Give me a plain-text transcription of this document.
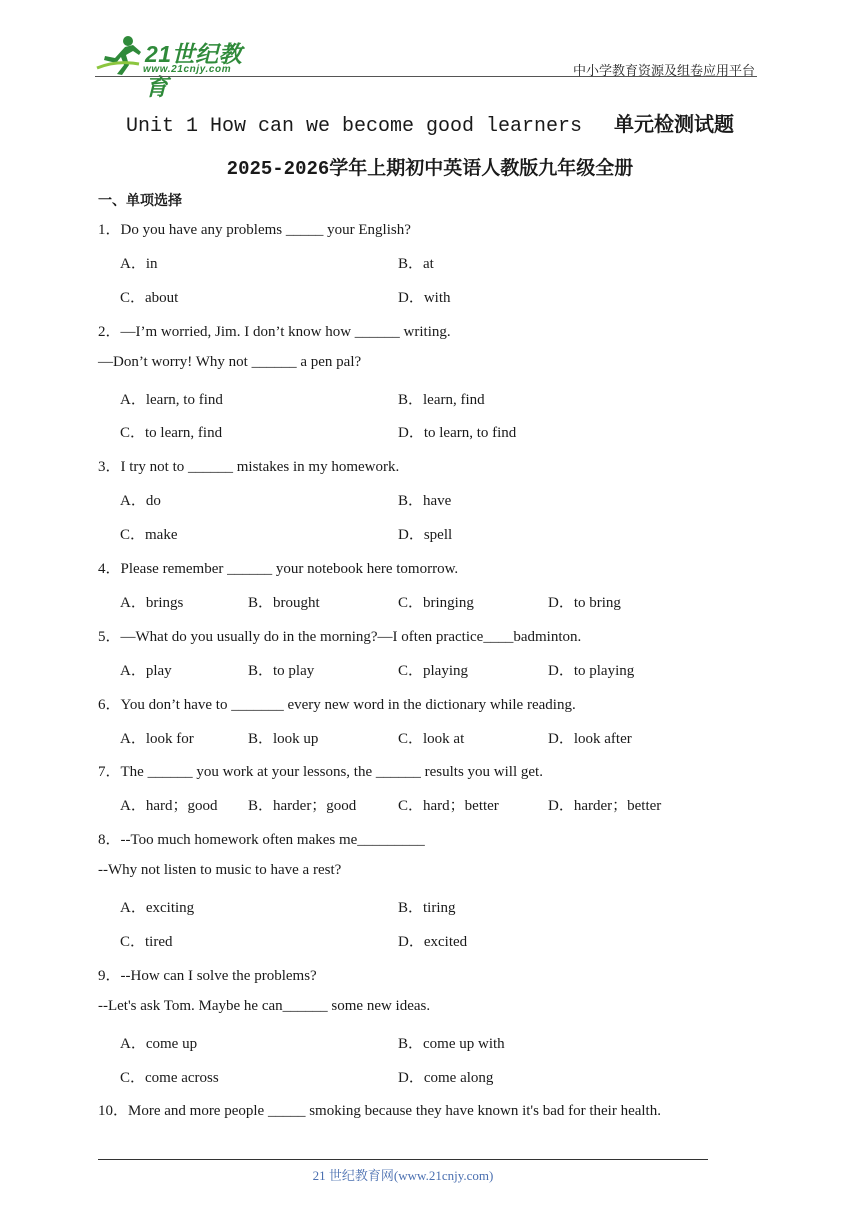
21世纪教育
www.21cnjy.com	中小学教育资源及组卷应用平台
Unit 1 How can we become good learners 单元检测试题
2025-2026学年上期初中英语人教版九年级全册
一、单项选择
1．Do you have any problems _____ your English?
A．in	B．at
C．about	D．with
2．—I’m worried, Jim. I don’t know how ______ writing.
—Don’t worry! Why not ______ a pen pal?
A．learn, to find	B．learn, find
C．to learn, find	D．to learn, to find
3．I try not to ______ mistakes in my homework.
A．do	B．have
C．make	D．spell
4．Please remember ______ your notebook here tomorrow.
A．brings	B．brought	C．bringing	D．to bring
5．—What do you usually do in the morning?—I often practice____badminton.
A．play	B．to play	C．playing	D．to playing
6．You don’t have to _______ every new word in the dictionary while reading.
A．look for	B．look up	C．look at	D．look after
7．The ______ you work at your lessons, the ______ results you will get.
A．hard；good B．harder；good	C．hard；better	D．harder；better
8．--Too much homework often makes me_________
--Why not listen to music to have a rest?
A．exciting	B．tiring
C．tired	D．excited
9．--How can I solve the problems?
--Let's ask Tom. Maybe he can______ some new ideas.
A．come up	B．come up with
C．come across	D．come along
10．More and more people _____ smoking because they have known it's bad for their health.
21 世纪教育网(www.21cnjy.com)
